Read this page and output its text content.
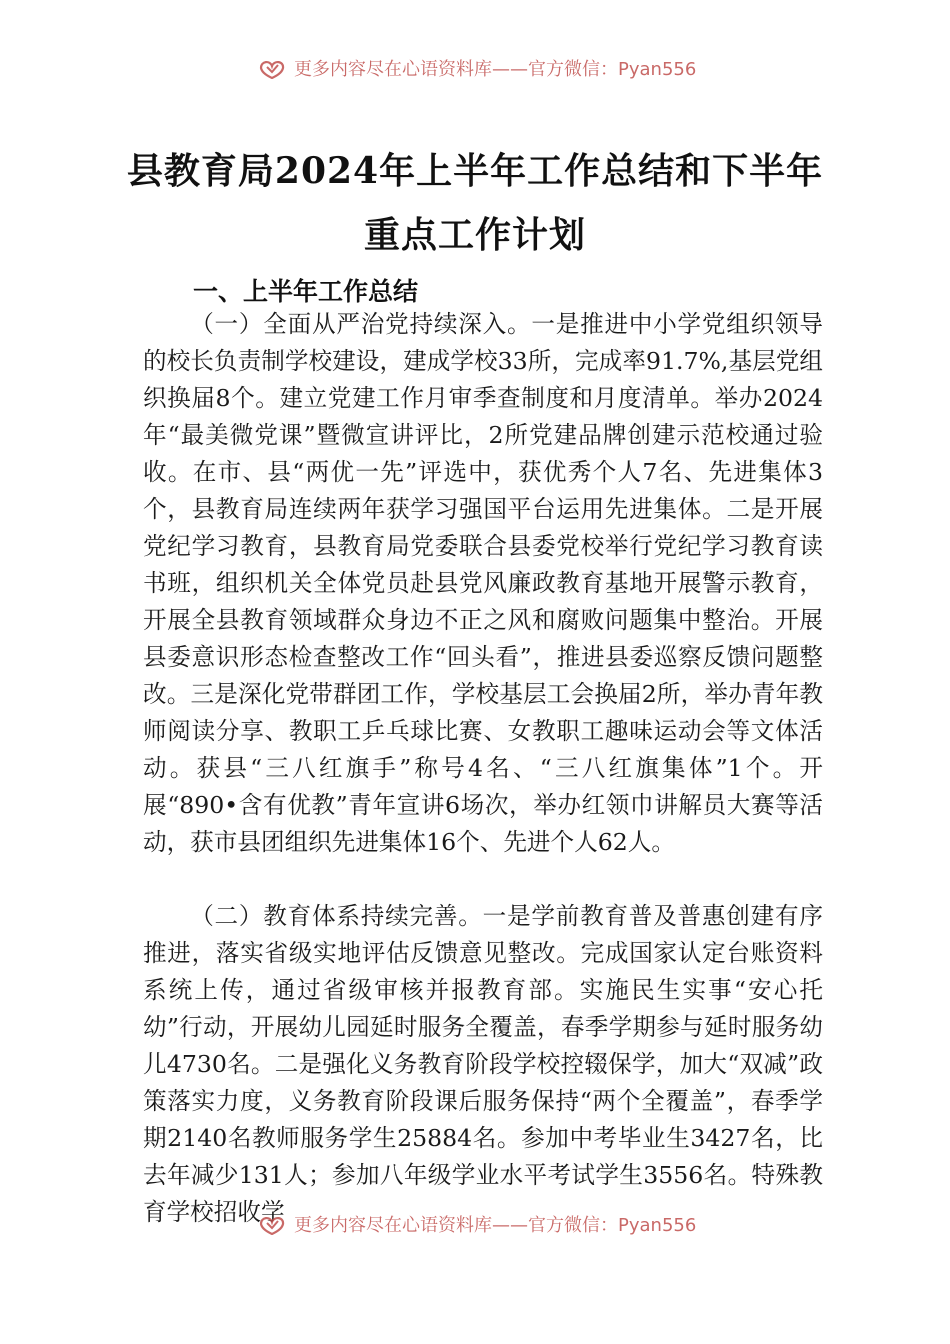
更多内容尽在心语资料库——官方微信：Pyan556
县教育局2024年上半年工作总结和下半年
重点工作计划
一、上半年工作总结

（一）全面从严治党持续深入。一是推进中小学党组织领导的校长负责制学校建设，建成学校33所，完成率91.7%,基层党组织换届8个。建立党建工作月审季查制度和月度清单。举办2024年“最美微党课”暨微宣讲评比，2所党建品牌创建示范校通过验收。在市、县“两优一先”评选中，获优秀个人7名、先进集体3个，县教育局连续两年获学习强国平台运用先进集体。二是开展党纪学习教育，县教育局党委联合县委党校举行党纪学习教育读书班，组织机关全体党员赴县党风廉政教育基地开展警示教育，开展全县教育领域群众身边不正之风和腐败问题集中整治。开展县委意识形态检查整改工作“回头看”，推进县委巡察反馈问题整改。三是深化党带群团工作，学校基层工会换届2所，举办青年教师阅读分享、教职工乒乓球比赛、女教职工趣味运动会等文体活动。获县“三八红旗手”称号4名、“三八红旗集体”1个。开展“890•含有优教”青年宣讲6场次，举办红领巾讲解员大赛等活动，获市县团组织先进集体16个、先进个人62人。

（二）教育体系持续完善。一是学前教育普及普惠创建有序推进，落实省级实地评估反馈意见整改。完成国家认定台账资料系统上传，通过省级审核并报教育部。实施民生实事“安心托幼”行动，开展幼儿园延时服务全覆盖，春季学期参与延时服务幼儿4730名。二是强化义务教育阶段学校控辍保学，加大“双减”政策落实力度，义务教育阶段课后服务保持“两个全覆盖”，春季学期2140名教师服务学生25884名。参加中考毕业生3427名，比去年减少131人；参加八年级学业水平考试学生3556名。特殊教育学校招收学 更多内容尽在心语资料库——官方微信：Pyan556
